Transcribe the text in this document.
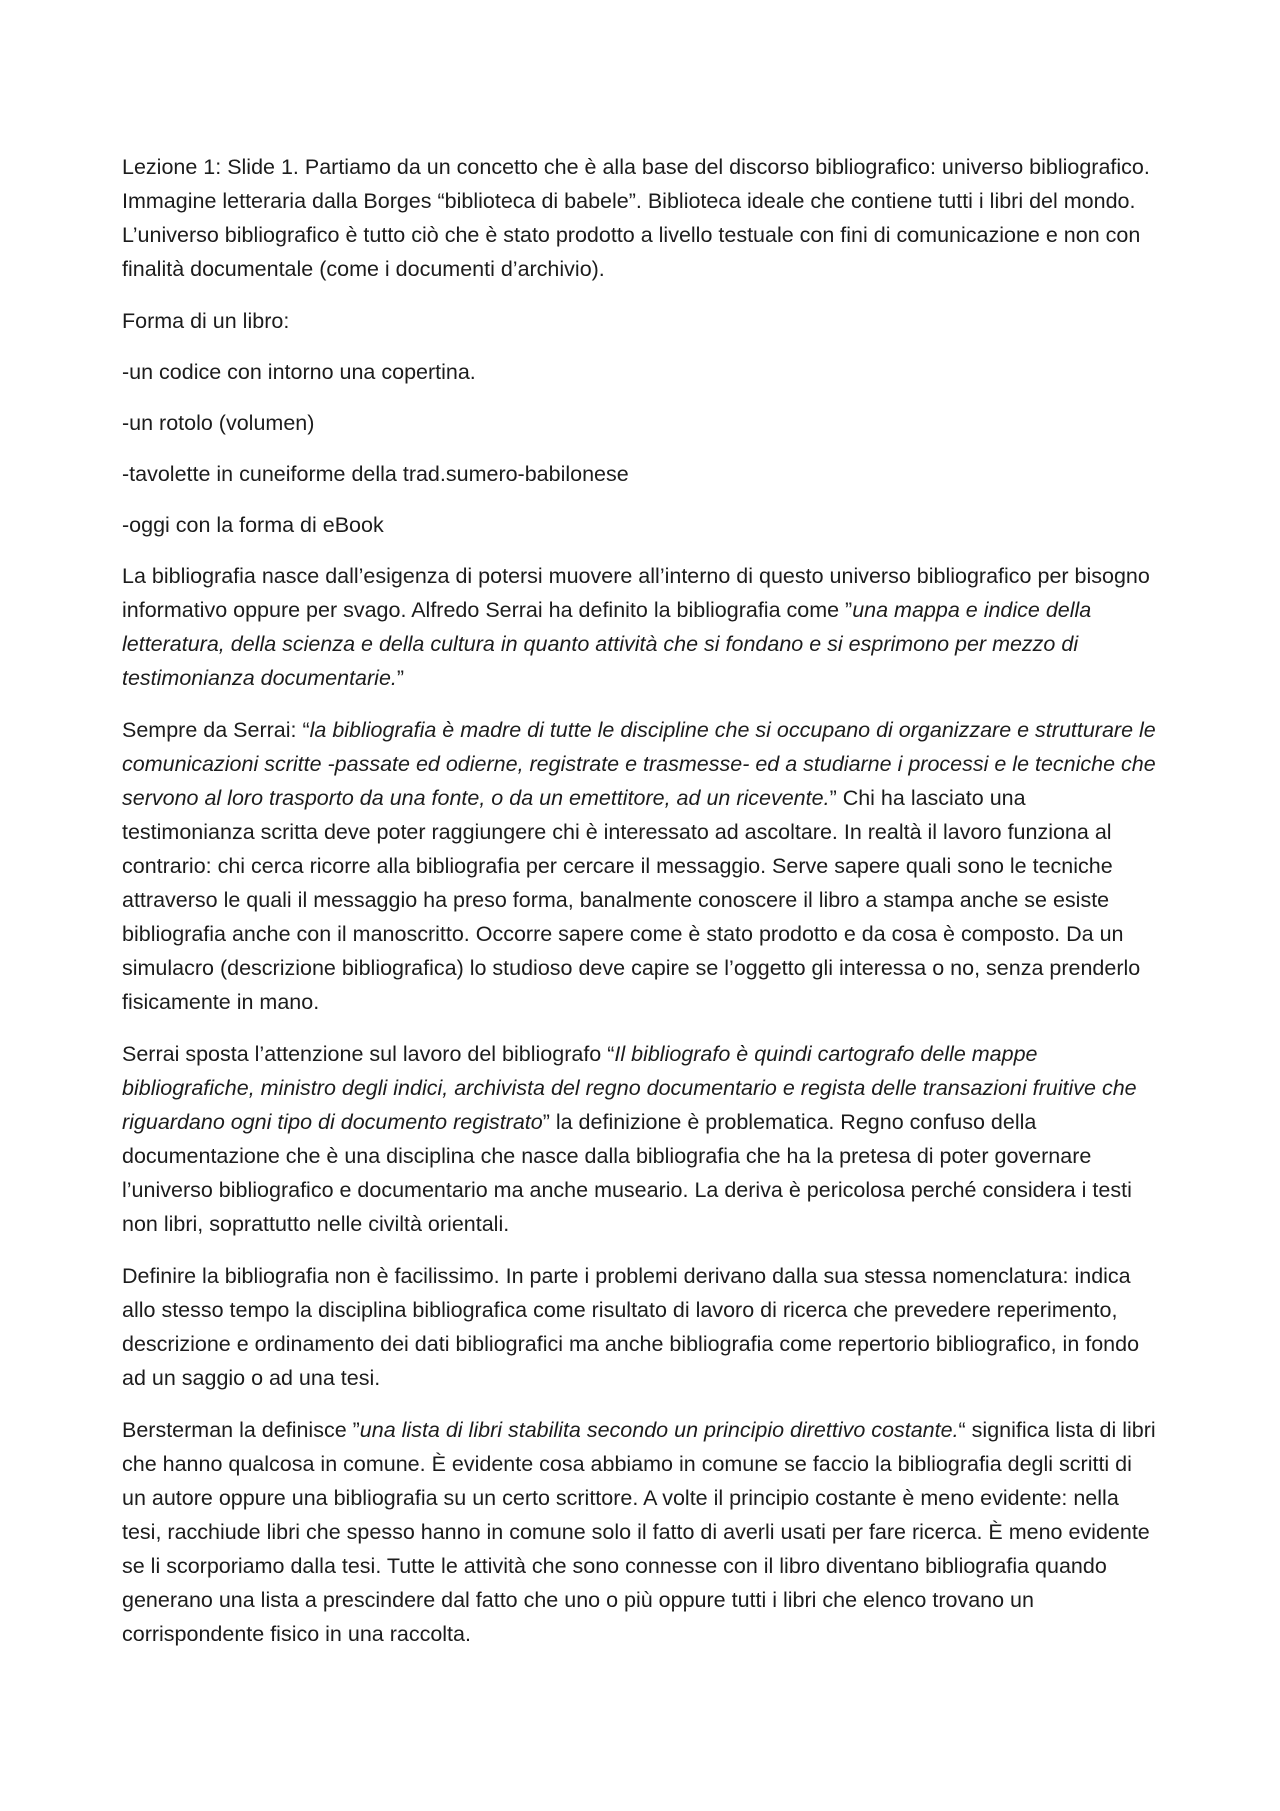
Lezione 1: Slide 1. Partiamo da un concetto che è alla base del discorso bibliografico: universo bibliografico. Immagine letteraria dalla Borges “biblioteca di babele”. Biblioteca ideale che contiene tutti i libri del mondo. L’universo bibliografico è tutto ciò che è stato prodotto a livello testuale con fini di comunicazione e non con finalità documentale (come i documenti d’archivio).

Forma di un libro:

-un codice con intorno una copertina.

-un rotolo (volumen)

-tavolette in cuneiforme della trad.sumero-babilonese

-oggi con la forma di eBook

La bibliografia nasce dall’esigenza di potersi muovere all’interno di questo universo bibliografico per bisogno informativo oppure per svago. Alfredo Serrai ha definito la bibliografia come ”una mappa e indice della letteratura, della scienza e della cultura in quanto attività che si fondano e si esprimono per mezzo di testimonianza documentarie.”

Sempre da Serrai: “la bibliografia è madre di tutte le discipline che si occupano di organizzare e strutturare le comunicazioni scritte -passate ed odierne, registrate e trasmesse- ed a studiarne i processi e le tecniche che servono al loro trasporto da una fonte, o da un emettitore, ad un ricevente.” Chi ha lasciato una testimonianza scritta deve poter raggiungere chi è interessato ad ascoltare. In realtà il lavoro funziona al contrario: chi cerca ricorre alla bibliografia per cercare il messaggio. Serve sapere quali sono le tecniche attraverso le quali il messaggio ha preso forma, banalmente conoscere il libro a stampa anche se esiste bibliografia anche con il manoscritto. Occorre sapere come è stato prodotto e da cosa è composto. Da un simulacro (descrizione bibliografica) lo studioso deve capire se l’oggetto gli interessa o no, senza prenderlo fisicamente in mano.

Serrai sposta l’attenzione sul lavoro del bibliografo “Il bibliografo è quindi cartografo delle mappe bibliografiche, ministro degli indici, archivista del regno documentario e regista delle transazioni fruitive che riguardano ogni tipo di documento registrato” la definizione è problematica. Regno confuso della documentazione che è una disciplina che nasce dalla bibliografia che ha la pretesa di poter governare l’universo bibliografico e documentario ma anche museario. La deriva è pericolosa perché considera i testi non libri, soprattutto nelle civiltà orientali.

Definire la bibliografia non è facilissimo. In parte i problemi derivano dalla sua stessa nomenclatura: indica allo stesso tempo la disciplina bibliografica come risultato di lavoro di ricerca che prevedere reperimento, descrizione e ordinamento dei dati bibliografici ma anche bibliografia come repertorio bibliografico, in fondo ad un saggio o ad una tesi.

Bersterman la definisce ”una lista di libri stabilita secondo un principio direttivo costante.“ significa lista di libri che hanno qualcosa in comune. È evidente cosa abbiamo in comune se faccio la bibliografia degli scritti di un autore oppure una bibliografia su un certo scrittore. A volte il principio costante è meno evidente: nella tesi, racchiude libri che spesso hanno in comune solo il fatto di averli usati per fare ricerca. È meno evidente se li scorporiamo dalla tesi. Tutte le attività che sono connesse con il libro diventano bibliografia quando generano una lista a prescindere dal fatto che uno o più oppure tutti i libri che elenco trovano un corrispondente fisico in una raccolta.
